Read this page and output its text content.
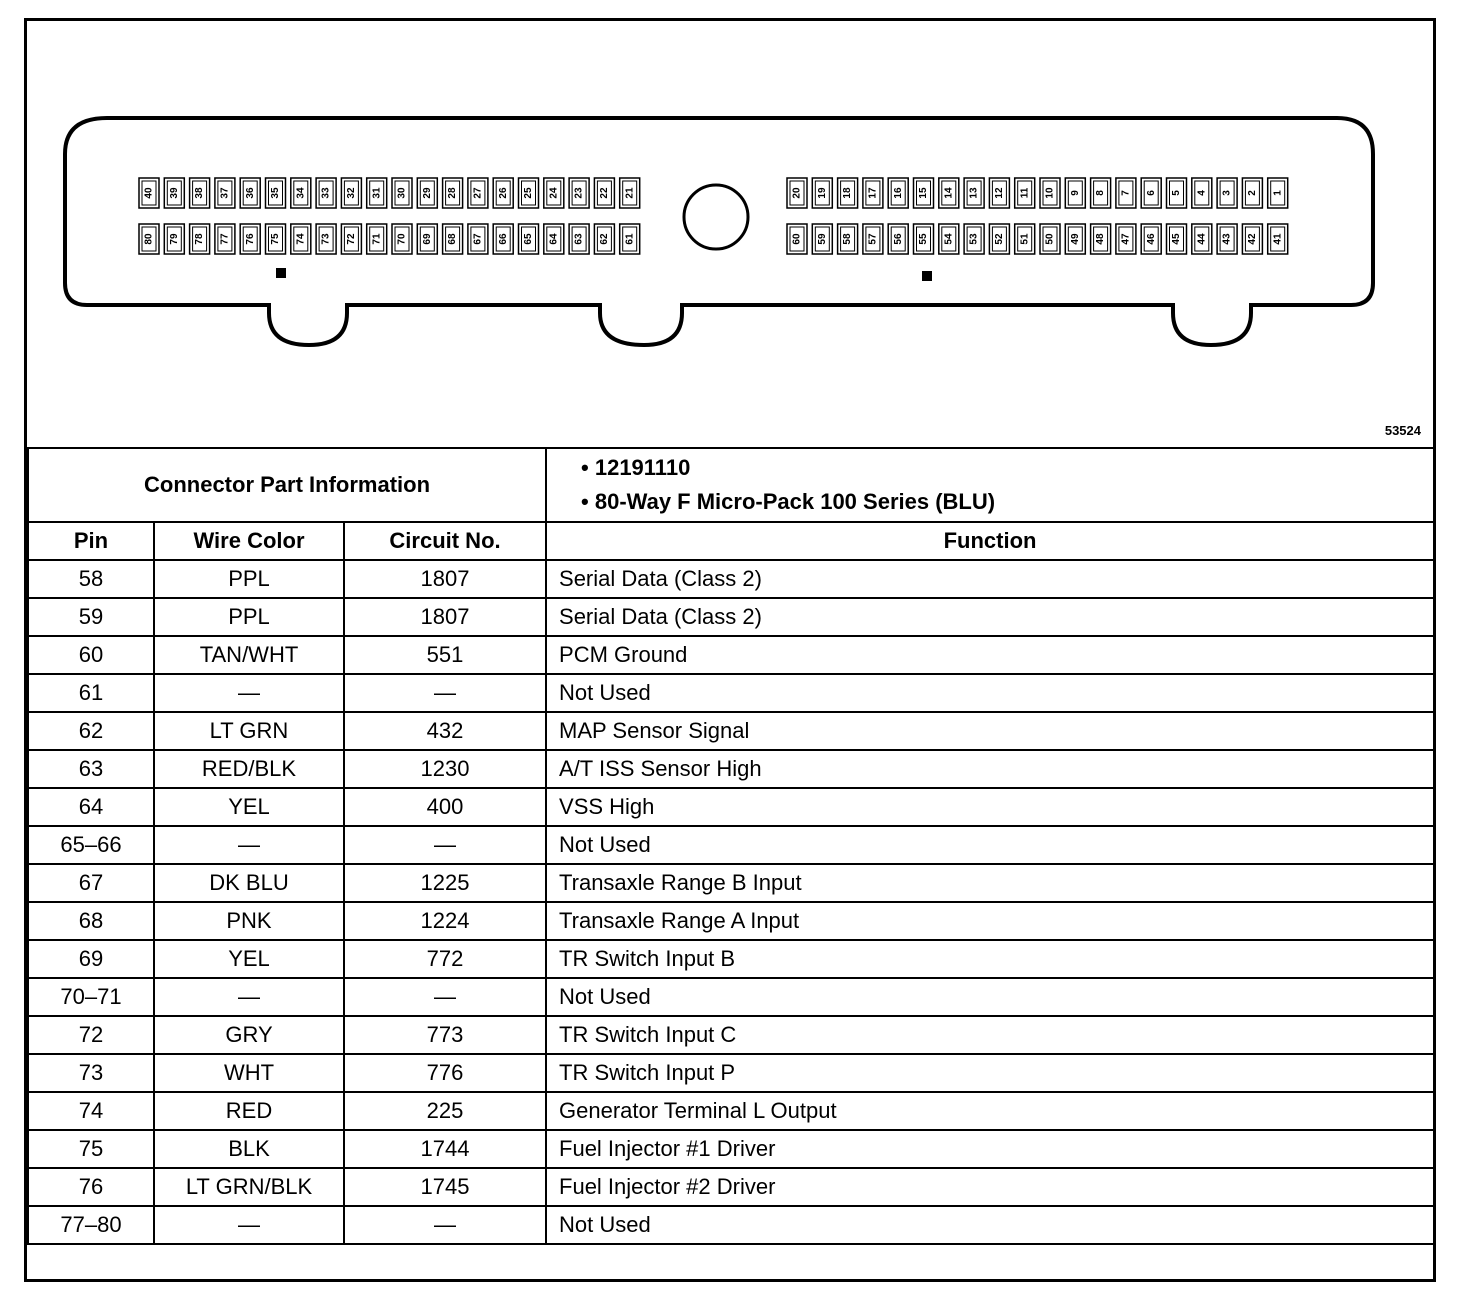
40 39 38 37 36 35 34 33 32 31 30 29 28 27 26 25 24 23 22 21
80 79 78 77 76 75 74 73 72 71 70 69 68 67 66 65 64 63 62 61
20 19 18 17 16 15 14 13 12 11 10 9 8 7 6 5 4 3 2 1
60 59 58 57 56 55 54 53 52 51 50 49 48 47 46 45 44 43 42 41
53524
Connector Part Information			• 12191110
• 80-Way F Micro-Pack 100 Series (BLU)

Pin	Wire Color	Circuit No.	Function
58	PPL	1807	Serial Data (Class 2)
59	PPL	1807	Serial Data (Class 2)
60	TAN/WHT	551	PCM Ground
61	—	—	Not Used
62	LT GRN	432	MAP Sensor Signal
63	RED/BLK	1230	A/T ISS Sensor High
64	YEL	400	VSS High
65–66	—	—	Not Used
67	DK BLU	1225	Transaxle Range B Input
68	PNK	1224	Transaxle Range A Input
69	YEL	772	TR Switch Input B
70–71	—	—	Not Used
72	GRY	773	TR Switch Input C
73	WHT	776	TR Switch Input P
74	RED	225	Generator Terminal L Output
75	BLK	1744	Fuel Injector #1 Driver
76	LT GRN/BLK	1745	Fuel Injector #2 Driver
77–80	—	—	Not Used
